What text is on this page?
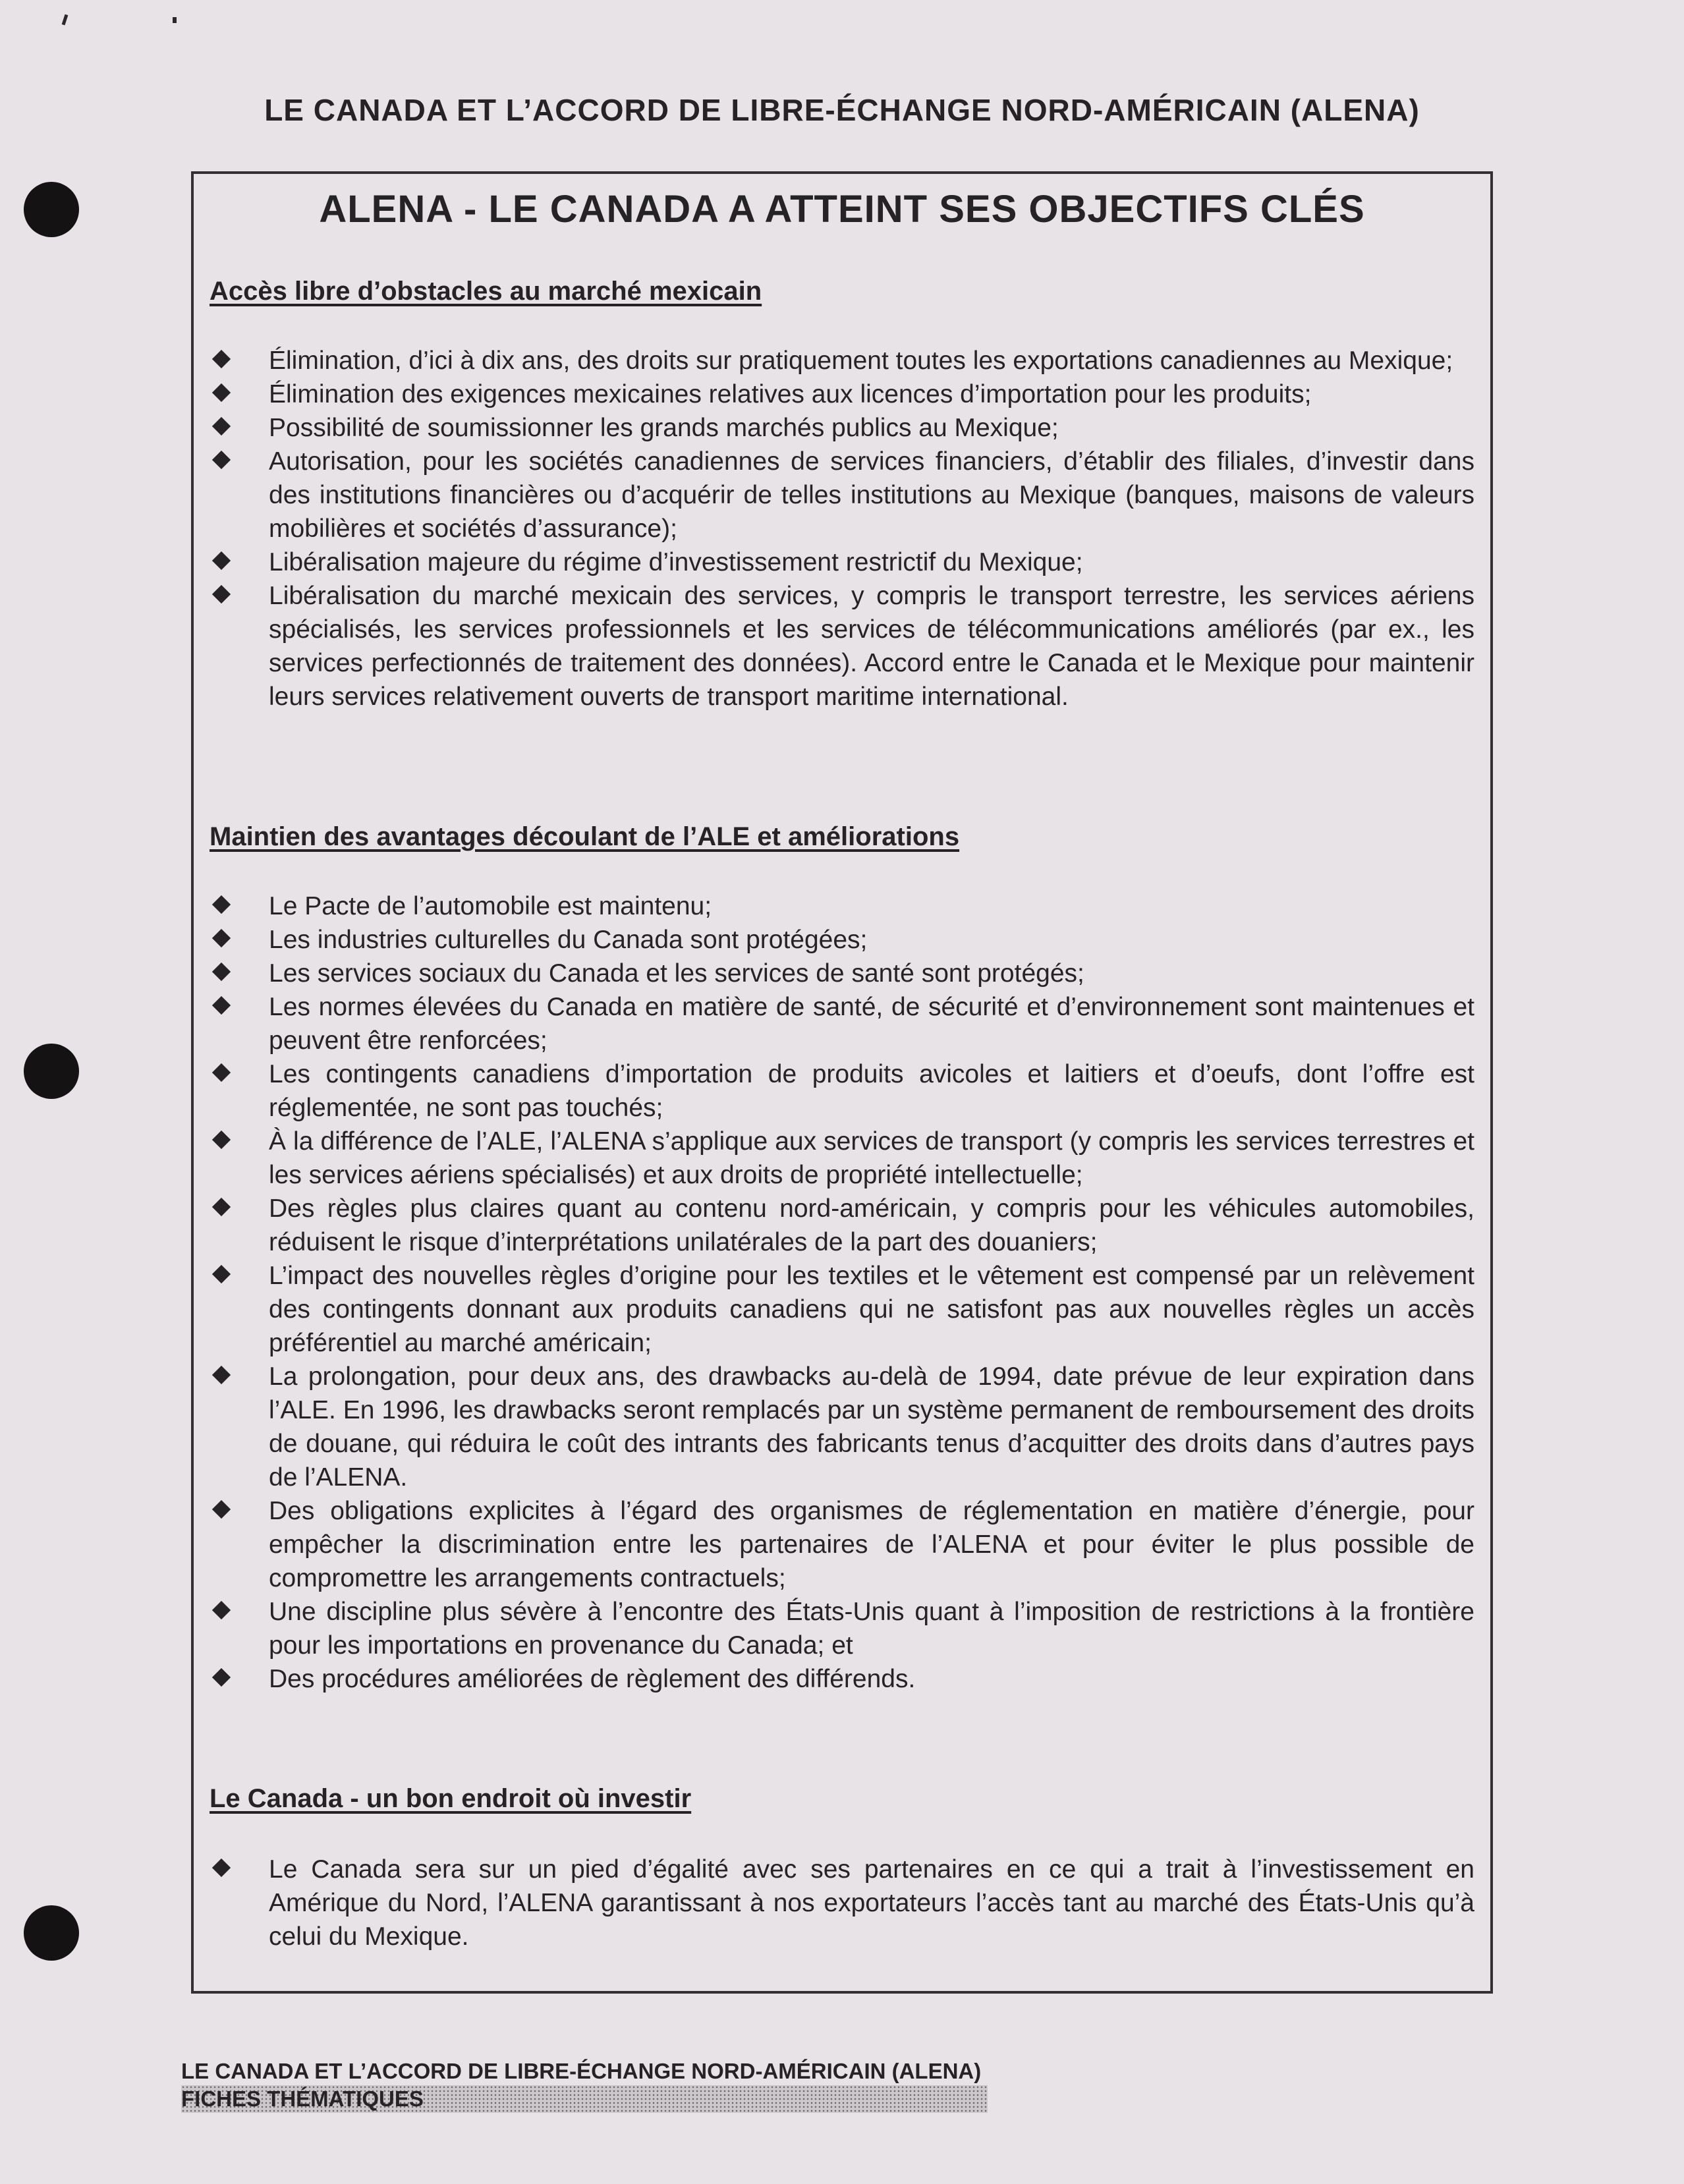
LE CANADA ET L’ACCORD DE LIBRE-ÉCHANGE NORD-AMÉRICAIN (ALENA)
ALENA - LE CANADA A ATTEINT SES OBJECTIFS CLÉS
Accès libre d’obstacles au marché mexicain
Élimination, d’ici à dix ans, des droits sur pratiquement toutes les exportations canadiennes au Mexique;
Élimination des exigences mexicaines relatives aux licences d’importation pour les produits;
Possibilité de soumissionner les grands marchés publics au Mexique;
Autorisation, pour les sociétés canadiennes de services financiers, d’établir des filiales, d’investir dans des institutions financières ou d’acquérir de telles institutions au Mexique (banques, maisons de valeurs mobilières et sociétés d’assurance);
Libéralisation majeure du régime d’investissement restrictif du Mexique;
Libéralisation du marché mexicain des services, y compris le transport terrestre, les services aériens spécialisés, les services professionnels et les services de télécommunications améliorés (par ex., les services perfectionnés de traitement des données). Accord entre le Canada et le Mexique pour maintenir leurs services relativement ouverts de transport maritime international.
Maintien des avantages découlant de l’ALE et améliorations
Le Pacte de l’automobile est maintenu;
Les industries culturelles du Canada sont protégées;
Les services sociaux du Canada et les services de santé sont protégés;
Les normes élevées du Canada en matière de santé, de sécurité et d’environnement sont maintenues et peuvent être renforcées;
Les contingents canadiens d’importation de produits avicoles et laitiers et d’oeufs, dont l’offre est réglementée, ne sont pas touchés;
À la différence de l’ALE, l’ALENA s’applique aux services de transport (y compris les services terrestres et les services aériens spécialisés) et aux droits de propriété intellectuelle;
Des règles plus claires quant au contenu nord-américain, y compris pour les véhicules automobiles, réduisent le risque d’interprétations unilatérales de la part des douaniers;
L’impact des nouvelles règles d’origine pour les textiles et le vêtement est compensé par un relèvement des contingents donnant aux produits canadiens qui ne satisfont pas aux nouvelles règles un accès préférentiel au marché américain;
La prolongation, pour deux ans, des drawbacks au-delà de 1994, date prévue de leur expiration dans l’ALE. En 1996, les drawbacks seront remplacés par un système permanent de remboursement des droits de douane, qui réduira le coût des intrants des fabricants tenus d’acquitter des droits dans d’autres pays de l’ALENA.
Des obligations explicites à l’égard des organismes de réglementation en matière d’énergie, pour empêcher la discrimination entre les partenaires de l’ALENA et pour éviter le plus possible de compromettre les arrangements contractuels;
Une discipline plus sévère à l’encontre des États-Unis quant à l’imposition de restrictions à la frontière pour les importations en provenance du Canada; et
Des procédures améliorées de règlement des différends.
Le Canada - un bon endroit où investir
Le Canada sera sur un pied d’égalité avec ses partenaires en ce qui a trait à l’investissement en Amérique du Nord, l’ALENA garantissant à nos exportateurs l’accès tant au marché des États-Unis qu’à celui du Mexique.
LE CANADA ET L’ACCORD DE LIBRE-ÉCHANGE NORD-AMÉRICAIN (ALENA)
FICHES THÉMATIQUES
